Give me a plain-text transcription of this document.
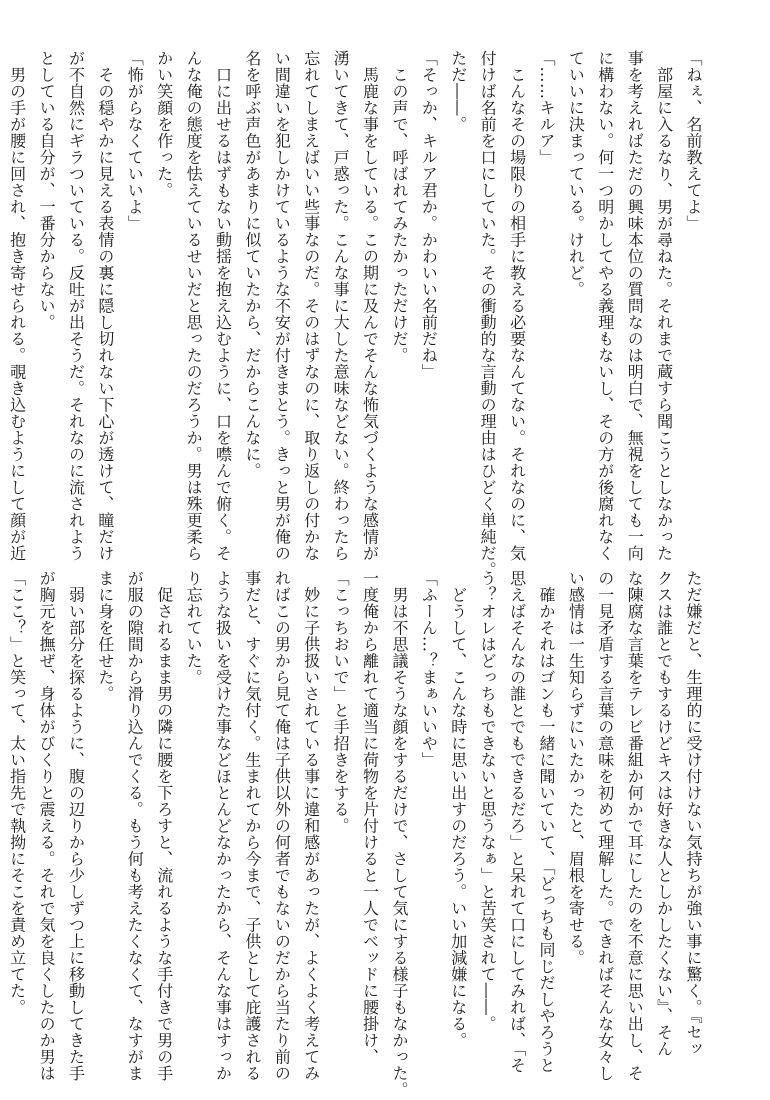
「ねぇ、名前教えてよ」
　部屋に入るなり、男が尋ねた。それまで蔵すら聞こうとしなかった
事を考えればただの興味本位の質問なのは明白で、無視をしても一向
に構わない。何一つ明かしてやる義理もないし、その方が後腐れなく
ていいに決まっている。けれど。
「……キルア」
　こんなその場限りの相手に教える必要なんてない。それなのに、気
付けば名前を口にしていた。その衝動的な言動の理由はひどく単純だ。
ただ――。
「そっか、キルア君か。かわいい名前だね」
　この声で、呼ばれてみたかっただけだ。
　馬鹿な事をしている。この期に及んでそんな怖気づくような感情が
湧いてきて、戸惑った。こんな事に大した意味などない。終わったら
忘れてしまえばいい些事なのだ。そのはずなのに、取り返しの付かな
い間違いを犯しかけているような不安が付きまとう。きっと男が俺の
名を呼ぶ声色があまりに似ていたから、だからこんなに。
　口に出せるはずもない動揺を抱え込むように、口を噤んで俯く。そ
んな俺の態度を怯えているせいだと思ったのだろうか。男は殊更柔ら
かい笑顔を作った。
「怖がらなくていいよ」
　その穏やかに見える表情の裏に隠し切れない下心が透けて、瞳だけ
が不自然にギラついている。反吐が出そうだ。それなのに流されよう
としている自分が、一番分からない。
　男の手が腰に回され、抱き寄せられる。覗き込むようにして顔が近
ただ嫌だと、生理的に受け付けない気持ちが強い事に驚く。『セッ
クスは誰とでもするけどキスは好きな人としかしたくない』、そん
な陳腐な言葉をテレビ番組か何かで耳にしたのを不意に思い出し、そ
の一見矛盾する言葉の意味を初めて理解した。できればそんな女々し
い感情は一生知らずにいたかったと、眉根を寄せる。
　確かそれはゴンも一緒に聞いていて、「どっちも同じだしやろうと
思えばそんなの誰とでもできるだろ」と呆れて口にしてみれば、「そ
う？オレはどっちもできないと思うなぁ」と苦笑されて――。
　どうして、こんな時に思い出すのだろう。いい加減嫌になる。
「ふーん…？まぁいいや」
　男は不思議そうな顔をするだけで、さして気にする様子もなかった。
一度俺から離れて適当に荷物を片付けると一人でベッドに腰掛け、
「こっちおいで」と手招きをする。
　妙に子供扱いされている事に違和感があったが、よくよく考えてみ
ればこの男から見て俺は子供以外の何者でもないのだから当たり前の
事だと、すぐに気付く。生まれてから今まで、子供として庇護される
ような扱いを受けた事などほとんどなかったから、そんな事はすっか
り忘れていた。
　促されるまま男の隣に腰を下ろすと、流れるような手付きで男の手
が服の隙間から滑り込んでくる。もう何も考えたくなくて、なすがま
まに身を任せた。
　弱い部分を探るように、腹の辺りから少しずつ上に移動してきた手
が胸元を撫ぜ、身体がびくりと震える。それで気を良くしたのか男は
「ここ？」と笑って、太い指先で執拗にそこを責め立てた。
